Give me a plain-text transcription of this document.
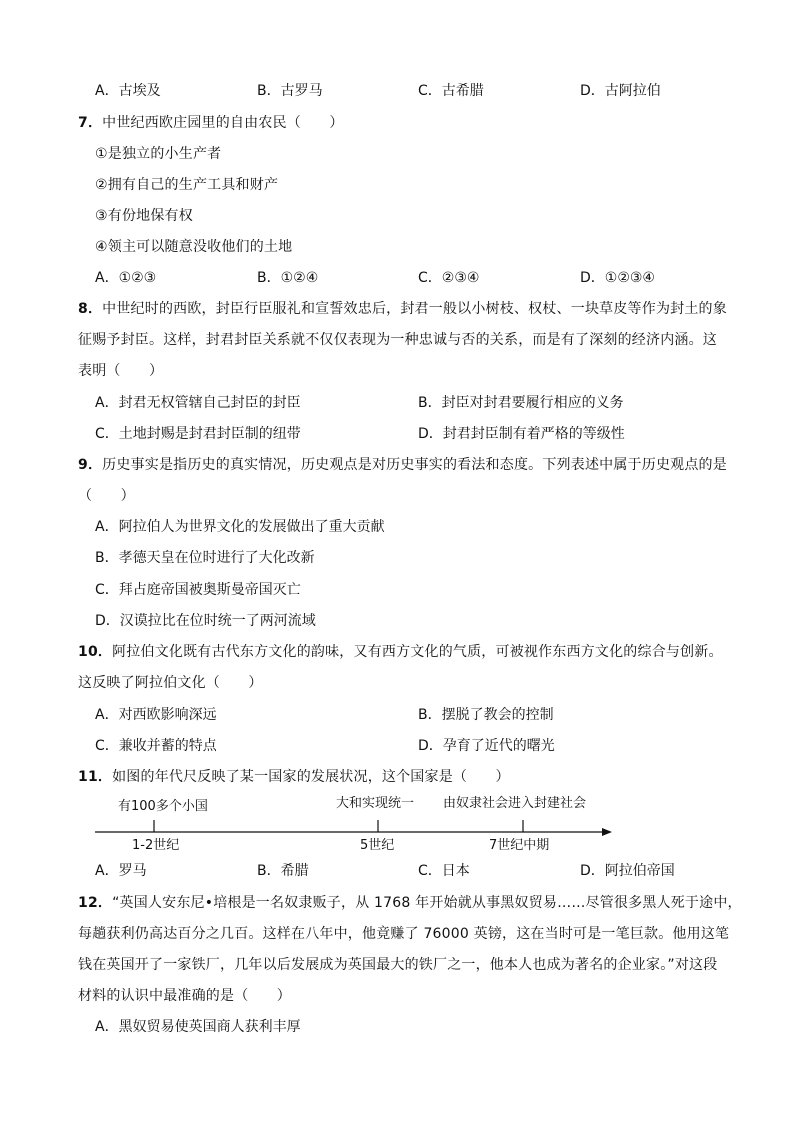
A．古埃及	B．古罗马	C．古希腊	D．古阿拉伯
7．中世纪西欧庄园里的自由农民（　　）
①是独立的小生产者
②拥有自己的生产工具和财产
③有份地保有权
④领主可以随意没收他们的土地
A．①②③	B．①②④	C．②③④	D．①②③④
8．中世纪时的西欧，封臣行臣服礼和宣誓效忠后，封君一般以小树枝、权杖、一块草皮等作为封土的象
征赐予封臣。这样，封君封臣关系就不仅仅表现为一种忠诚与否的关系，而是有了深刻的经济内涵。这
表明（　　）
A．封君无权管辖自己封臣的封臣	B．封臣对封君要履行相应的义务
C．土地封赐是封君封臣制的纽带	D．封君封臣制有着严格的等级性
9．历史事实是指历史的真实情况，历史观点是对历史事实的看法和态度。下列表述中属于历史观点的是
（　　）
A．阿拉伯人为世界文化的发展做出了重大贡献
B．孝德天皇在位时进行了大化改新
C．拜占庭帝国被奥斯曼帝国灭亡
D．汉谟拉比在位时统一了两河流域
10．阿拉伯文化既有古代东方文化的韵味，又有西方文化的气质，可被视作东西方文化的综合与创新。
这反映了阿拉伯文化（　　）
A．对西欧影响深远	B．摆脱了教会的控制
C．兼收并蓄的特点	D．孕育了近代的曙光
11．如图的年代尺反映了某一国家的发展状况，这个国家是（　　）
有100多个小国	大和实现统一 由奴隶社会进入封建社会
1-2世纪	5世纪	7世纪中期
A．罗马	B．希腊	C．日本	D．阿拉伯帝国
12．“英国人安东尼•培根是一名奴隶贩子，从 1768 年开始就从事黑奴贸易……尽管很多黑人死于途中，
每趟获利仍高达百分之几百。这样在八年中，他竟赚了 76000 英镑，这在当时可是一笔巨款。他用这笔
钱在英国开了一家铁厂，几年以后发展成为英国最大的铁厂之一，他本人也成为著名的企业家。”对这段
材料的认识中最准确的是（　　）
A．黑奴贸易使英国商人获利丰厚
